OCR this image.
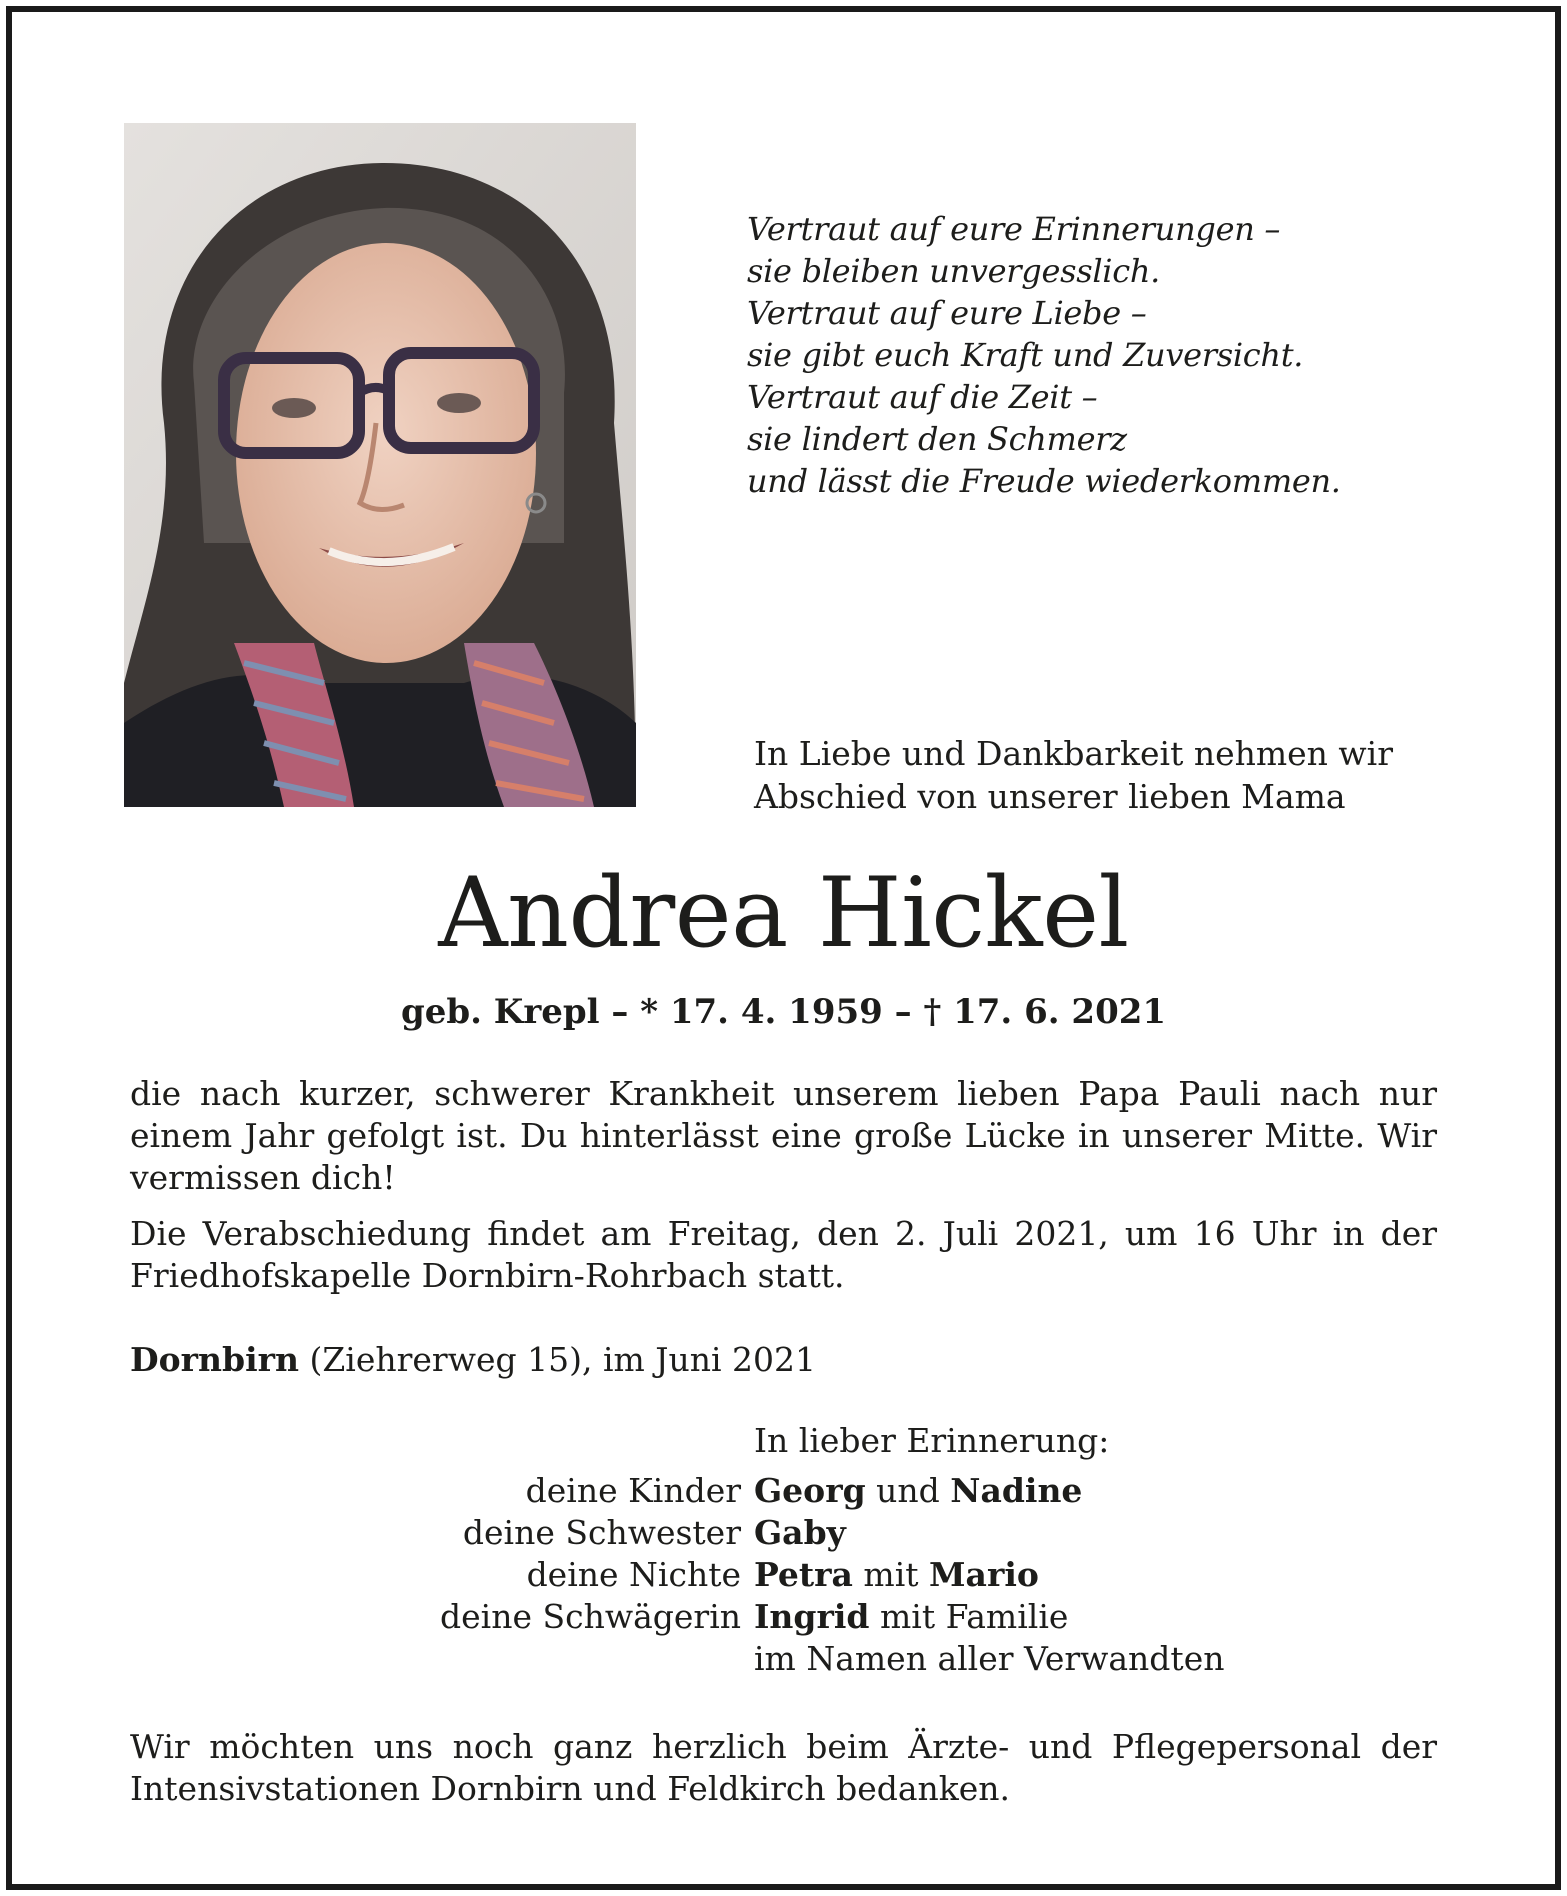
Vertraut auf eure Erinnerungen –
sie bleiben unvergesslich.
Vertraut auf eure Liebe –
sie gibt euch Kraft und Zuversicht.
Vertraut auf die Zeit –
sie lindert den Schmerz
und lässt die Freude wiederkommen.
In Liebe und Dankbarkeit nehmen wir
Abschied von unserer lieben Mama
Andrea Hickel
geb. Krepl – * 17. 4. 1959 – † 17. 6. 2021
die nach kurzer, schwerer Krankheit unserem lieben Papa Pauli nach nur
einem Jahr gefolgt ist. Du hinterlässt eine große Lücke in unserer Mitte. Wir
vermissen dich!
Die Verabschiedung findet am Freitag, den 2. Juli 2021, um 16 Uhr in der
Friedhofskapelle Dornbirn-Rohrbach statt.
Dornbirn (Ziehrerweg 15), im Juni 2021
In lieber Erinnerung:
deine Kinder Georg und Nadine
deine Schwester Gaby
deine Nichte Petra mit Mario
deine Schwägerin Ingrid mit Familie
im Namen aller Verwandten
Wir möchten uns noch ganz herzlich beim Ärzte- und Pflegepersonal der
Intensivstationen Dornbirn und Feldkirch bedanken.
